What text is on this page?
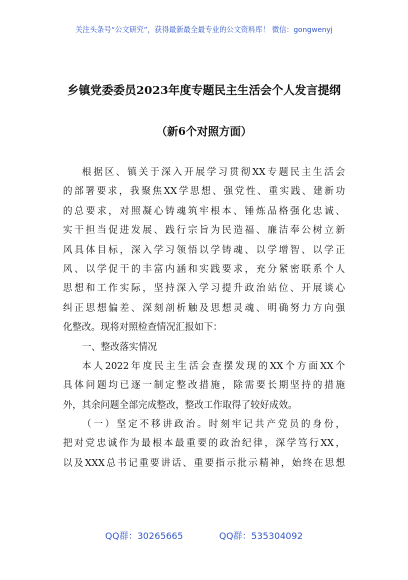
关注头条号“公文研究”，获得最新最全最专业的公文资料库！ 微信：gongwenyj
乡镇党委委员2023年度专题民主生活会个人发言提纲
（新6个对照方面）
根据区、镇关于深入开展学习贯彻XX专题民主生活会
的部署要求，我聚焦XX学思想、强党性、重实践、建新功
的总要求，对照凝心铸魂筑牢根本、锤炼品格强化忠诚、
实干担当促进发展、践行宗旨为民造福、廉洁奉公树立新
风具体目标，深入学习领悟以学铸魂、以学增智、以学正
风、以学促干的丰富内涵和实践要求，充分紧密联系个人
思想和工作实际，坚持深入学习提升政治站位、开展谈心
纠正思想偏差、深刻剖析触及思想灵魂、明确努力方向强
化整改。现将对照检查情况汇报如下：
一、整改落实情况
本人2022年度民主生活会查摆发现的XX个方面XX个
具体问题均已逐一制定整改措施，除需要长期坚持的措施
外，其余问题全部完成整改，整改工作取得了较好成效。
（一）坚定不移讲政治。时刻牢记共产党员的身份，
把对党忠诚作为最根本最重要的政治纪律，深学笃行XX，
以及XXX总书记重要讲话、重要指示批示精神，始终在思想
QQ群：30265665	QQ群：535304092
